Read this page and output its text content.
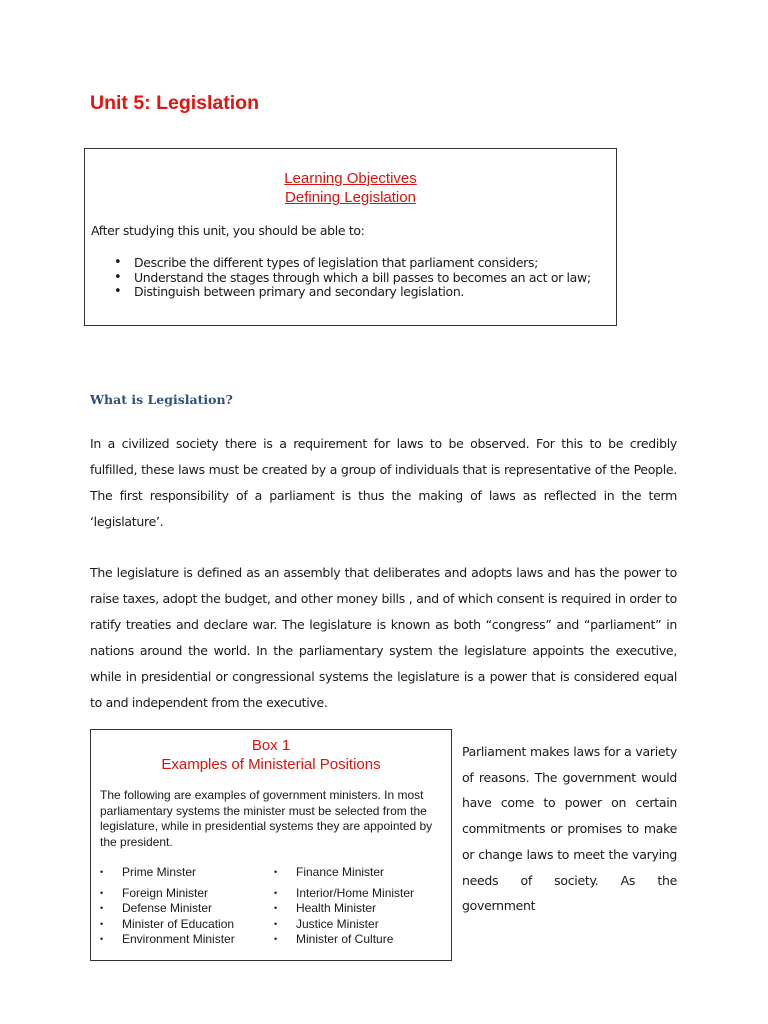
Unit 5: Legislation
Learning Objectives
Defining Legislation
After studying this unit, you should be able to:
• Describe the different types of legislation that parliament considers;
• Understand the stages through which a bill passes to becomes an act or law;
• Distinguish between primary and secondary legislation.
What is Legislation?

In a civilized society there is a requirement for laws to be observed. For this to be credibly fulfilled, these laws must be created by a group of individuals that is representative of the People. The first responsibility of a parliament is thus the making of laws as reflected in the term ‘legislature’.

The legislature is defined as an assembly that deliberates and adopts laws and has the power to raise taxes, adopt the budget, and other money bills , and of which consent is required in order to ratify treaties and declare war. The legislature is known as both “congress” and “parliament” in nations around the world. In the parliamentary system the legislature appoints the executive, while in presidential or congressional systems the legislature is a power that is considered equal to and independent from the executive.

Box 1
Examples of Ministerial Positions

The following are examples of government ministers. In most parliamentary systems the minister must be selected from the legislature, while in presidential systems they are appointed by the president.

• Prime Minster
• Foreign Minister
• Defense Minister
• Minister of Education
• Environment Minister
• Finance Minister
• Interior/Home Minister
• Health Minister
• Justice Minister
• Minister of Culture

Parliament makes laws for a variety of reasons. The government would have come to power on certain commitments or promises to make or change laws to meet the varying needs of society. As the government
